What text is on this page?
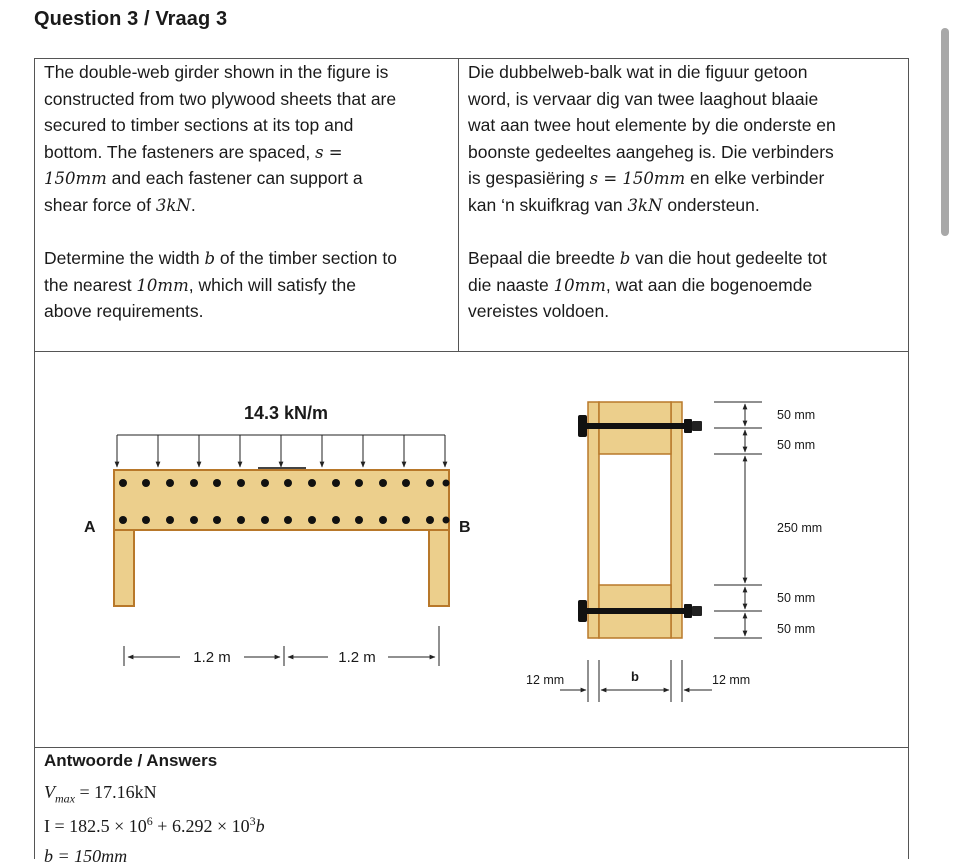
Question 3 / Vraag 3
The double-web girder shown in the figure is
constructed from two plywood sheets that are
secured to timber sections at its top and
bottom. The fasteners are spaced, s =
150mm and each fastener can support a
shear force of 3kN.
Determine the width b of the timber section to
the nearest 10mm, which will satisfy the
above requirements.
Die dubbelweb-balk wat in die figuur getoon
word, is vervaar dig van twee laaghout blaaie
wat aan twee hout elemente by die onderste en
boonste gedeeltes aangeheg is. Die verbinders
is gespasiëring s = 150mm en elke verbinder
kan ‘n skuifkrag van 3kN ondersteun.
Bepaal die breedte b van die hout gedeelte tot
die naaste 10mm, wat aan die bogenoemde
vereistes voldoen.
14.3 kN/m
A	B
1.2 m	1.2 m
50 mm
50 mm
250 mm
50 mm
50 mm
12 mm	b	12 mm
Antwoorde / Answers
$V_{max} = 17.16kN$
$I = 182.5 \times 10^6 + 6.292 \times 10^3b$
b = 150mm
